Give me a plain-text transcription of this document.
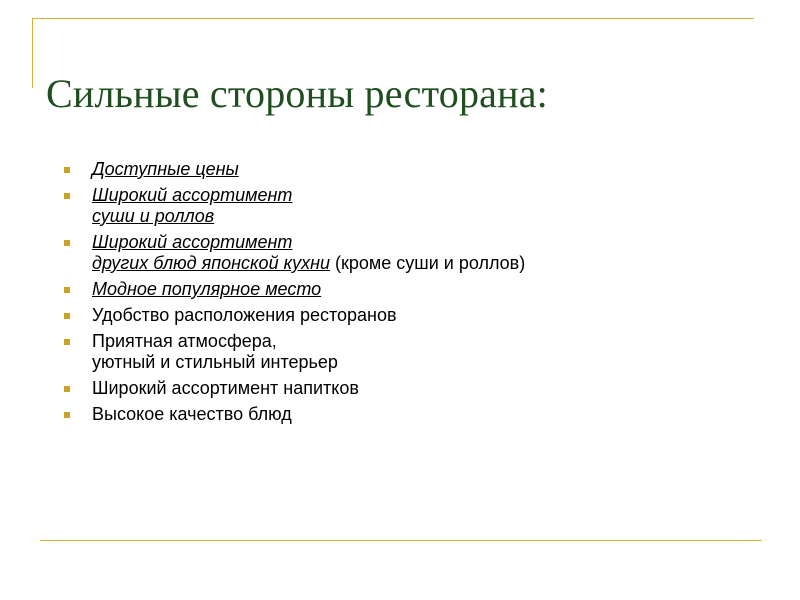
Сильные стороны ресторана:
Доступные цены
Широкий ассортимент
суши и роллов
Широкий ассортимент
других блюд японской кухни (кроме суши и роллов)
Модное популярное место
Удобство расположения ресторанов
Приятная атмосфера,
уютный и стильный интерьер
Широкий ассортимент напитков
Высокое качество блюд
